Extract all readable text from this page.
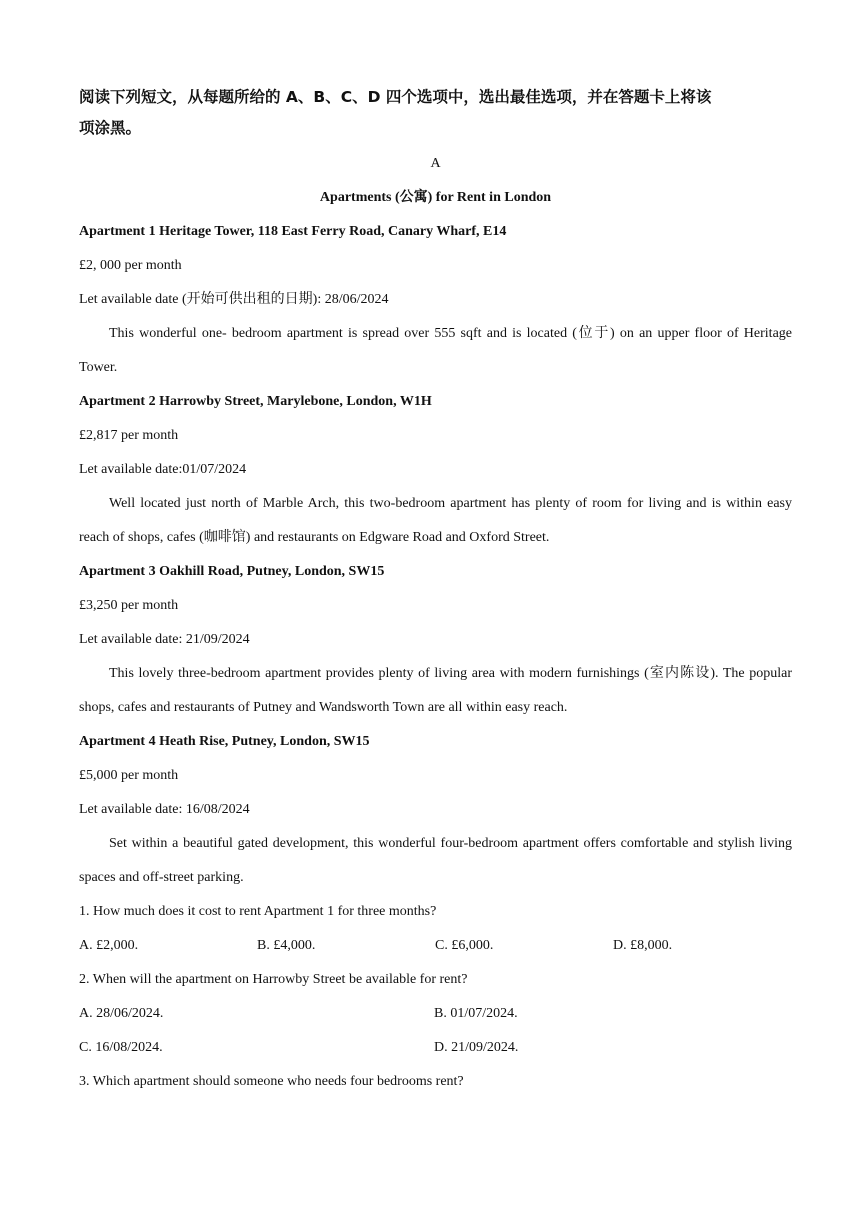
阅读下列短文，从每题所给的 A、B、C、D 四个选项中，选出最佳选项，并在答题卡上将该

项涂黑。

A
Apartments (公寓) for Rent in London
Apartment 1 Heritage Tower, 118 East Ferry Road, Canary Wharf, E14
£2, 000 per month
Let available date (开始可供出租的日期): 28/06/2024

This wonderful one- bedroom apartment is spread over 555 sqft and is located (位于) on an upper floor of Heritage Tower.

Apartment 2 Harrowby Street, Marylebone, London, W1H
£2,817 per month
Let available date:01/07/2024

Well located just north of Marble Arch, this two-bedroom apartment has plenty of room for living and is within easy reach of shops, cafes (咖啡馆) and restaurants on Edgware Road and Oxford Street.

Apartment 3 Oakhill Road, Putney, London, SW15
£3,250 per month
Let available date: 21/09/2024

This lovely three-bedroom apartment provides plenty of living area with modern furnishings (室内陈设). The popular shops, cafes and restaurants of Putney and Wandsworth Town are all within easy reach.

Apartment 4 Heath Rise, Putney, London, SW15
£5,000 per month
Let available date: 16/08/2024

Set within a beautiful gated development, this wonderful four-bedroom apartment offers comfortable and stylish living spaces and off-street parking.

1. How much does it cost to rent Apartment 1 for three months?
A. £2,000.	B. £4,000.	C. £6,000.	D. £8,000.
2. When will the apartment on Harrowby Street be available for rent?
A. 28/06/2024.	B. 01/07/2024.
C. 16/08/2024.	D. 21/09/2024.
3. Which apartment should someone who needs four bedrooms rent?
